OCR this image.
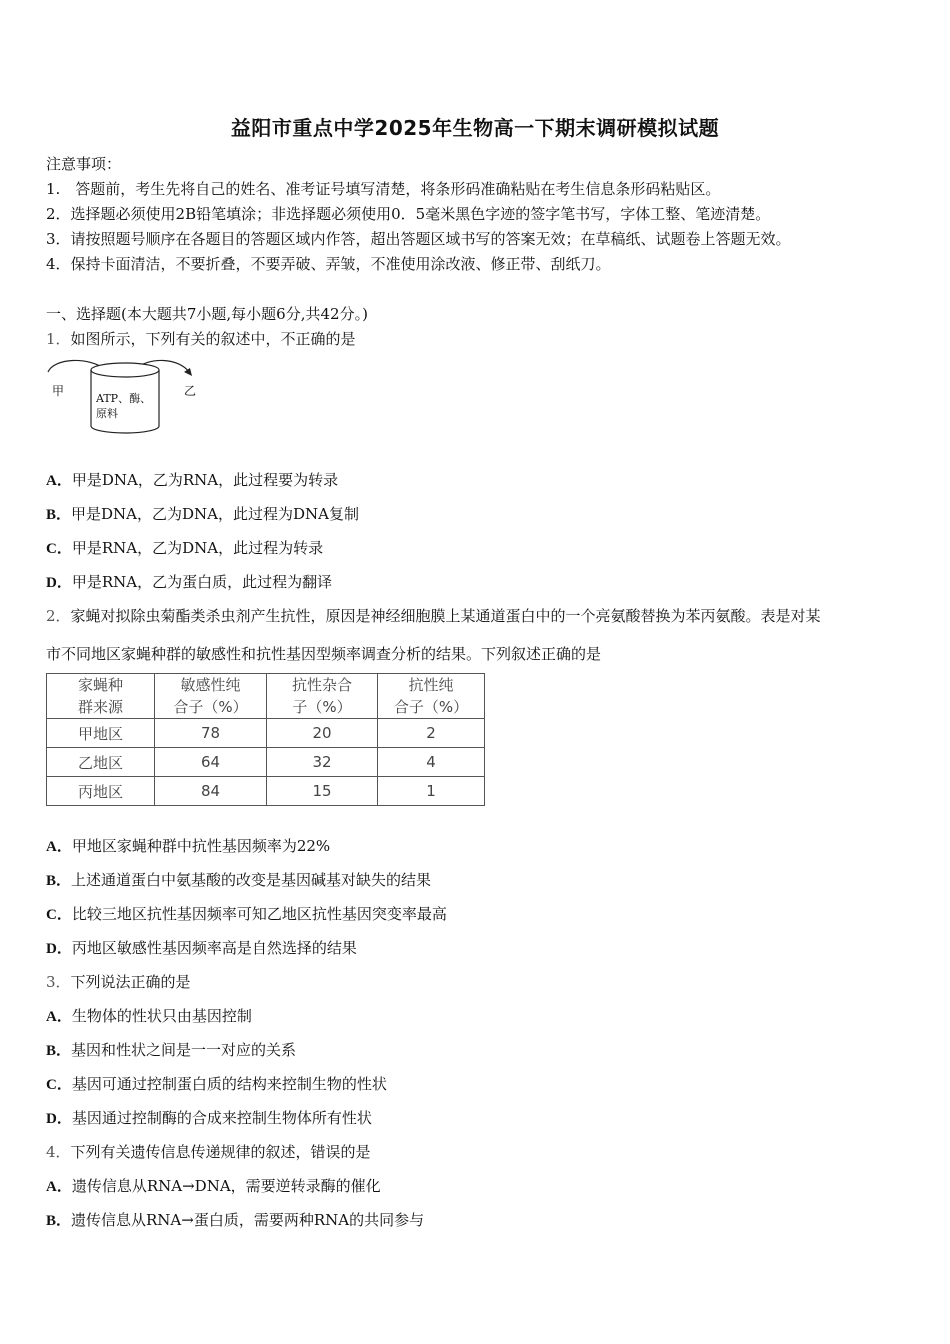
益阳市重点中学2025年生物高一下期末调研模拟试题
注意事项：
1.　答题前，考生先将自己的姓名、准考证号填写清楚，将条形码准确粘贴在考生信息条形码粘贴区。
2．选择题必须使用2B铅笔填涂；非选择题必须使用0．5毫米黑色字迹的签字笔书写，字体工整、笔迹清楚。
3．请按照题号顺序在各题目的答题区域内作答，超出答题区域书写的答案无效；在草稿纸、试题卷上答题无效。
4．保持卡面清洁，不要折叠，不要弄破、弄皱，不准使用涂改液、修正带、刮纸刀。
一、选择题(本大题共7小题,每小题6分,共42分。)
1．如图所示，下列有关的叙述中，不正确的是
甲	乙
ATP、酶、
原料
A．甲是DNA，乙为RNA，此过程要为转录
B．甲是DNA，乙为DNA，此过程为DNA复制
C．甲是RNA，乙为DNA，此过程为转录
D．甲是RNA，乙为蛋白质，此过程为翻译
2．家蝇对拟除虫菊酯类杀虫剂产生抗性，原因是神经细胞膜上某通道蛋白中的一个亮氨酸替换为苯丙氨酸。表是对某
市不同地区家蝇种群的敏感性和抗性基因型频率调查分析的结果。下列叙述正确的是
家蝇种
群来源	敏感性纯
合子（%）	抗性杂合
子（%）	抗性纯
合子（%）
甲地区	78	20	2
乙地区	64	32	4
丙地区	84	15	1
A．甲地区家蝇种群中抗性基因频率为22%
B．上述通道蛋白中氨基酸的改变是基因碱基对缺失的结果
C．比较三地区抗性基因频率可知乙地区抗性基因突变率最高
D．丙地区敏感性基因频率高是自然选择的结果
3．下列说法正确的是
A．生物体的性状只由基因控制
B．基因和性状之间是一一对应的关系
C．基因可通过控制蛋白质的结构来控制生物的性状
D．基因通过控制酶的合成来控制生物体所有性状
4．下列有关遗传信息传递规律的叙述，错误的是
A．遗传信息从RNA→DNA，需要逆转录酶的催化
B．遗传信息从RNA→蛋白质，需要两种RNA的共同参与
